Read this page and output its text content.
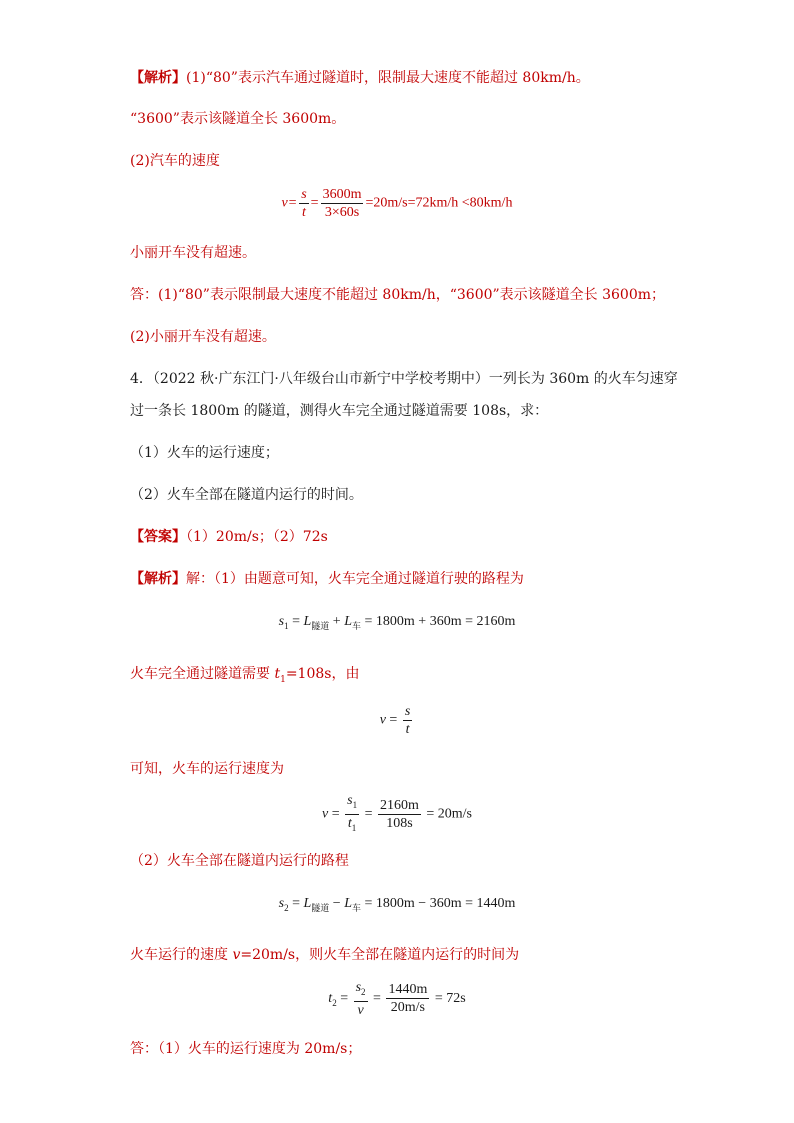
【解析】(1)“80”表示汽车通过隧道时，限制最大速度不能超过 80km/h。
“3600”表示该隧道全长 3600m。
(2)汽车的速度
$v= \frac{s}{t} = \frac{3600m}{3\times 60s} =20m/s=72km/h <80km/h$
小丽开车没有超速。
答：(1)“80”表示限制最大速度不能超过 80km/h，“3600”表示该隧道全长 3600m；
(2)小丽开车没有超速。
4．（2022 秋·广东江门·八年级台山市新宁中学校考期中）一列长为 360m 的火车匀速穿
过一条长 1800m 的隧道，测得火车完全通过隧道需要 108s，求：
（1）火车的运行速度；
（2）火车全部在隧道内运行的时间。
【答案】（1）20m/s；（2）72s
【解析】解：（1）由题意可知，火车完全通过隧道行驶的路程为
$s_1 = L_{隧道} + L_车 = 1800m + 360m = 2160m$
火车完全通过隧道需要 $t_1=108s$，由
$v = \frac{s}{t}$
可知，火车的运行速度为
$v = \frac{s_1}{t_1} = \frac{2160m}{108s} = 20m/s$
（2）火车全部在隧道内运行的路程
$s_2 = L_{隧道} - L_车 = 1800m - 360m = 1440m$
火车运行的速度 v=20m/s，则火车全部在隧道内运行的时间为
$t_2 = \frac{s_2}{v} = \frac{1440m}{20m/s} = 72s$
答：（1）火车的运行速度为 20m/s；
